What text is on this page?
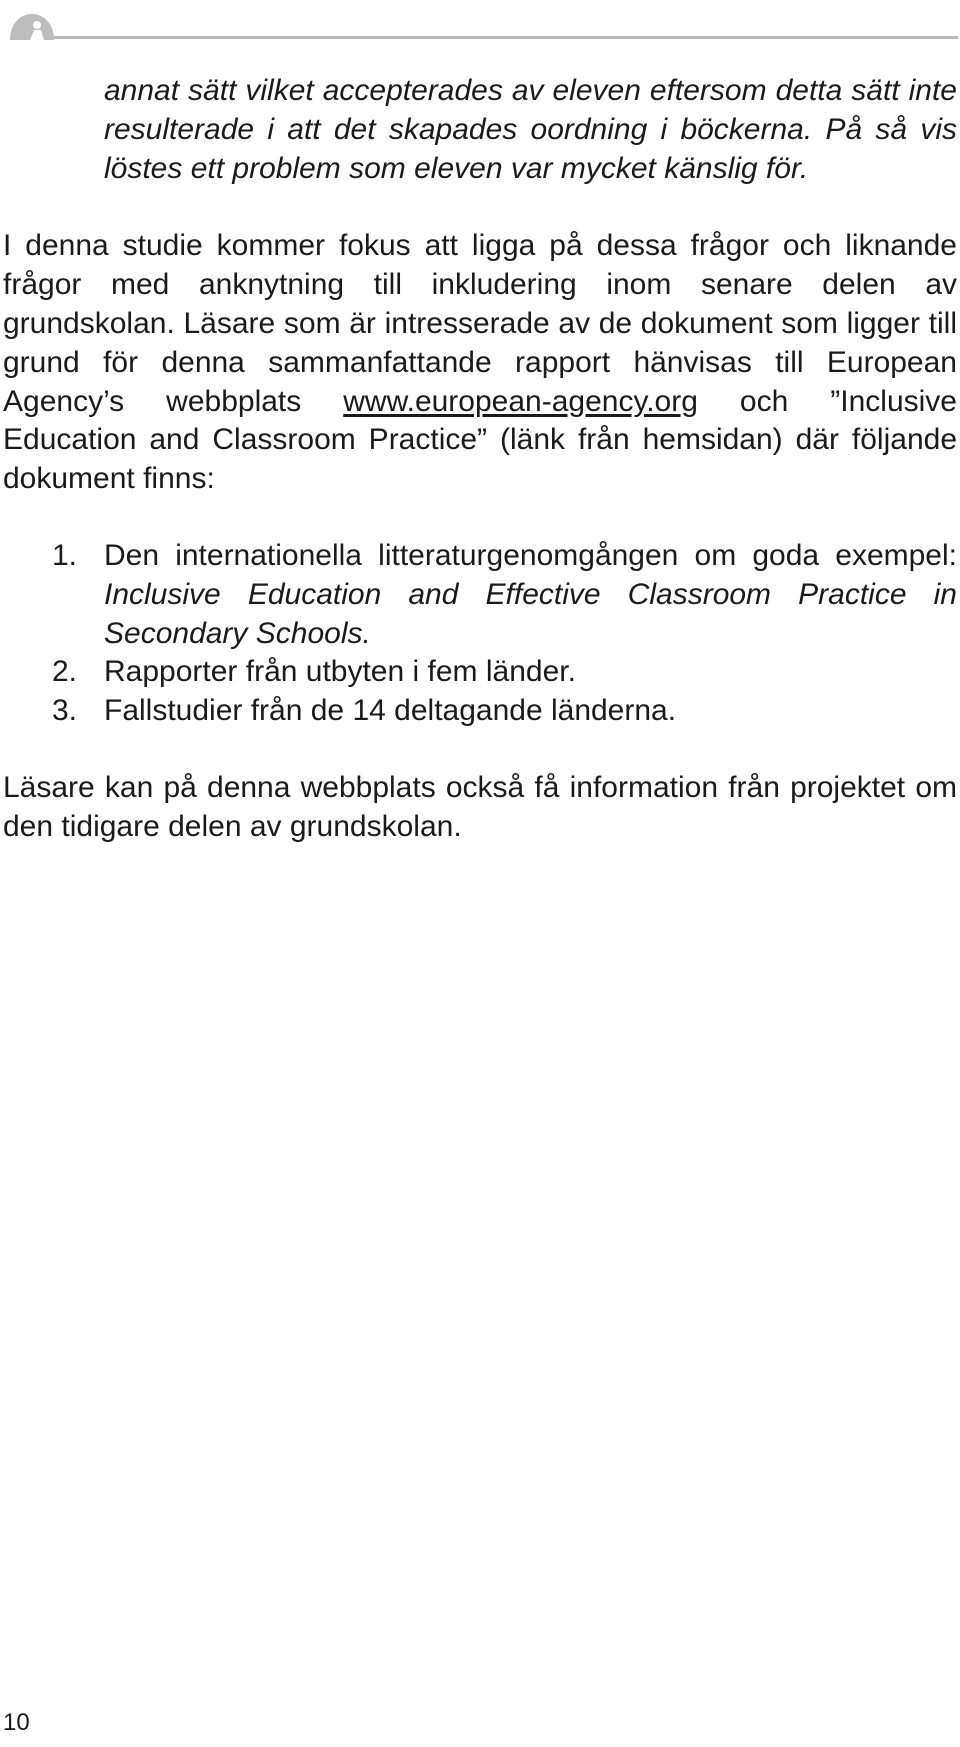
annat sätt vilket accepterades av eleven eftersom detta sätt inte resulterade i att det skapades oordning i böckerna. På så vis löstes ett problem som eleven var mycket känslig för.

I denna studie kommer fokus att ligga på dessa frågor och liknande frågor med anknytning till inkludering inom senare delen av grundskolan. Läsare som är intresserade av de dokument som ligger till grund för denna sammanfattande rapport hänvisas till European Agency’s webbplats www.european-agency.org och ”Inclusive Education and Classroom Practice” (länk från hemsidan) där följande dokument finns:

1. Den internationella litteraturgenomgången om goda exempel: Inclusive Education and Effective Classroom Practice in Secondary Schools.
2. Rapporter från utbyten i fem länder.
3. Fallstudier från de 14 deltagande länderna.

Läsare kan på denna webbplats också få information från projektet om den tidigare delen av grundskolan.

10
